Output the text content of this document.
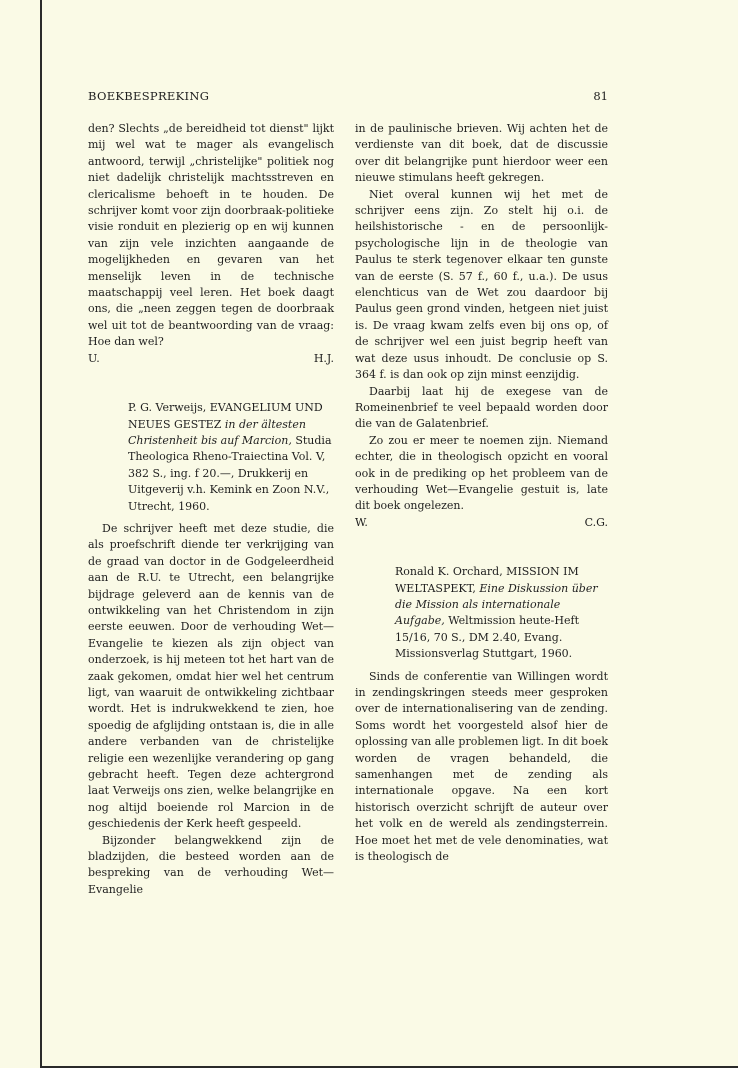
BOEKBESPREKING	81

den? Slechts „de bereidheid tot dienst" lijkt mij wel wat te mager als evangelisch antwoord, terwijl „christelijke" politiek nog niet dadelijk christelijk machtsstreven en clericalisme behoeft in te houden. De schrijver komt voor zijn doorbraak-politieke visie ronduit en plezierig op en wij kunnen van zijn vele inzichten aangaande de mogelijkheden en gevaren van het menselijk leven in de technische maatschappij veel leren. Het boek daagt ons, die „neen zeggen tegen de doorbraak wel uit tot de beantwoording van de vraag: Hoe dan wel?

U.	H.J.

P. G. Verweijs, EVANGELIUM UND NEUES GESTEZ in der ältesten Christenheit bis auf Marcion, Studia Theologica Rheno-Traiectina Vol. V, 382 S., ing. f 20.—, Drukkerij en Uitgeverij v.h. Kemink en Zoon N.V., Utrecht, 1960.

De schrijver heeft met deze studie, die als proefschrift diende ter verkrijging van de graad van doctor in de Godgeleerdheid aan de R.U. te Utrecht, een belangrijke bijdrage geleverd aan de kennis van de ontwikkeling van het Christendom in zijn eerste eeuwen. Door de verhouding Wet—Evangelie te kiezen als zijn object van onderzoek, is hij meteen tot het hart van de zaak gekomen, omdat hier wel het centrum ligt, van waaruit de ontwikkeling zichtbaar wordt. Het is indrukwekkend te zien, hoe spoedig de afglijding ontstaan is, die in alle andere verbanden van de christelijke religie een wezenlijke verandering op gang gebracht heeft. Tegen deze achtergrond laat Verweijs ons zien, welke belangrijke en nog altijd boeiende rol Marcion in de geschiedenis der Kerk heeft gespeeld.

Bijzonder belangwekkend zijn de bladzijden, die besteed worden aan de bespreking van de verhouding Wet—Evangelie

in de paulinische brieven. Wij achten het de verdienste van dit boek, dat de discussie over dit belangrijke punt hierdoor weer een nieuwe stimulans heeft gekregen.

Niet overal kunnen wij het met de schrijver eens zijn. Zo stelt hij o.i. de heilshistorische - en de persoonlijk-psychologische lijn in de theologie van Paulus te sterk tegenover elkaar ten gunste van de eerste (S. 57 f., 60 f., u.a.). De usus elenchticus van de Wet zou daardoor bij Paulus geen grond vinden, hetgeen niet juist is. De vraag kwam zelfs even bij ons op, of de schrijver wel een juist begrip heeft van wat deze usus inhoudt. De conclusie op S. 364 f. is dan ook op zijn minst eenzijdig.

Daarbij laat hij de exegese van de Romeinenbrief te veel bepaald worden door die van de Galatenbrief.

Zo zou er meer te noemen zijn. Niemand echter, die in theologisch opzicht en vooral ook in de prediking op het probleem van de verhouding Wet—Evangelie gestuit is, late dit boek ongelezen.

W.	C.G.

Ronald K. Orchard, MISSION IM WELTASPEKT, Eine Diskussion über die Mission als internationale Aufgabe, Weltmission heute-Heft 15/16, 70 S., DM 2.40, Evang. Missionsverlag Stuttgart, 1960.

Sinds de conferentie van Willingen wordt in zendingskringen steeds meer gesproken over de internationalisering van de zending. Soms wordt het voorgesteld alsof hier de oplossing van alle problemen ligt. In dit boek worden de vragen behandeld, die samenhangen met de zending als internationale opgave. Na een kort historisch overzicht schrijft de auteur over het volk en de wereld als zendingsterrein. Hoe moet het met de vele denominaties, wat is theologisch de
